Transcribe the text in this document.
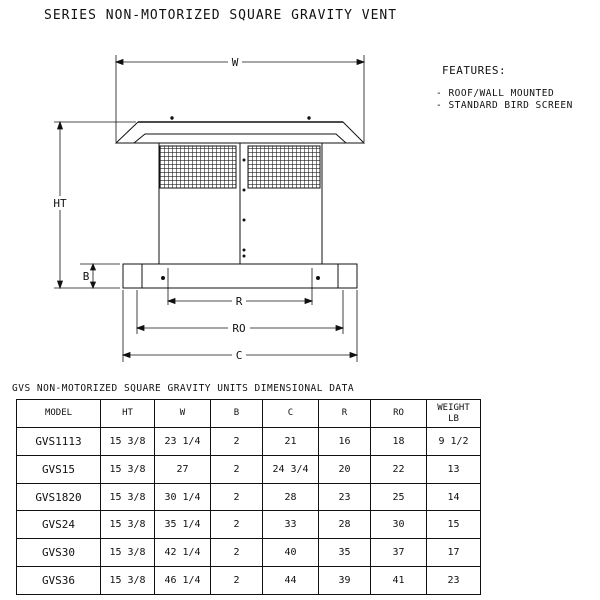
SERIES NON-MOTORIZED SQUARE GRAVITY VENT
FEATURES:
- ROOF/WALL MOUNTED
- STANDARD BIRD SCREEN
W
HT
B
R
RO
C
GVS NON-MOTORIZED SQUARE GRAVITY UNITS DIMENSIONAL DATA
MODEL	HT	W	B	C	R	RO	WEIGHT
LB
GVS1113	15 3/8	23 1/4	2	21	16	18	9 1/2
GVS15	15 3/8	27	2	24 3/4	20	22	13
GVS1820	15 3/8	30 1/4	2	28	23	25	14
GVS24	15 3/8	35 1/4	2	33	28	30	15
GVS30	15 3/8	42 1/4	2	40	35	37	17
GVS36	15 3/8	46 1/4	2	44	39	41	23
